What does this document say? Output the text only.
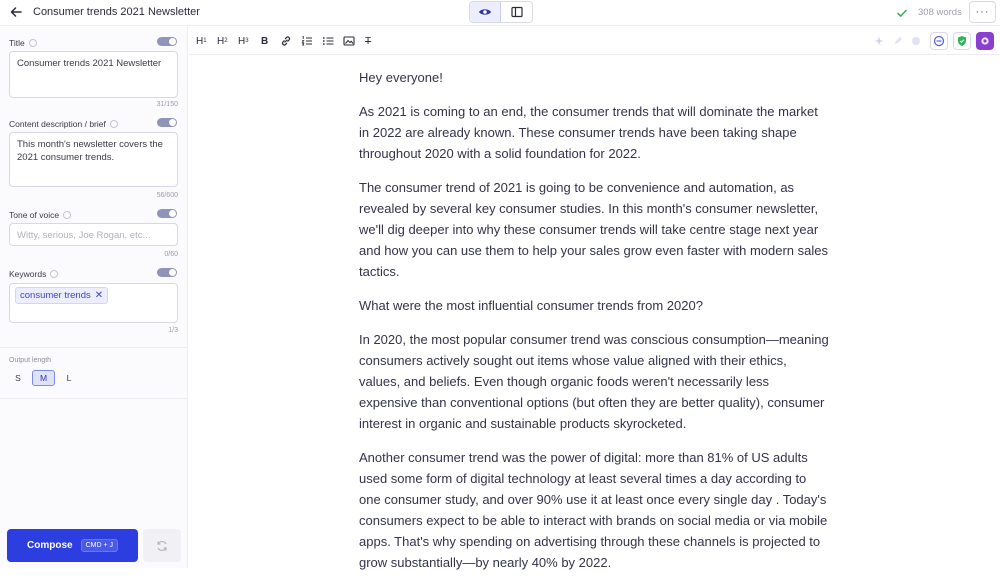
Consumer trends 2021 Newsletter	308 words	···
Title
Consumer trends 2021 Newsletter
31/150
Content description / brief
This month's newsletter covers the 2021 consumer trends.
56/600
Tone of voice
Witty, serious, Joe Rogan, etc...
0/60
Keywords
consumer trends ✕
1/3
Output length
S	M	L
Compose	CMD + J
H 1 H 2 H 3 B	T

Hey everyone!

As 2021 is coming to an end, the consumer trends that will dominate the market in 2022 are already known. These consumer trends have been taking shape throughout 2020 with a solid foundation for 2022.

The consumer trend of 2021 is going to be convenience and automation, as revealed by several key consumer studies. In this month's consumer newsletter, we'll dig deeper into why these consumer trends will take centre stage next year and how you can use them to help your sales grow even faster with modern sales tactics.

What were the most influential consumer trends from 2020?

In 2020, the most popular consumer trend was conscious consumption—meaning consumers actively sought out items whose value aligned with their ethics, values, and beliefs. Even though organic foods weren't necessarily less expensive than conventional options (but often they are better quality), consumer interest in organic and sustainable products skyrocketed.

Another consumer trend was the power of digital: more than 81% of US adults used some form of digital technology at least several times a day according to one consumer study, and over 90% use it at least once every single day . Today's consumers expect to be able to interact with brands on social media or via mobile apps. That's why spending on advertising through these channels is projected to grow substantially—by nearly 40% by 2022.
